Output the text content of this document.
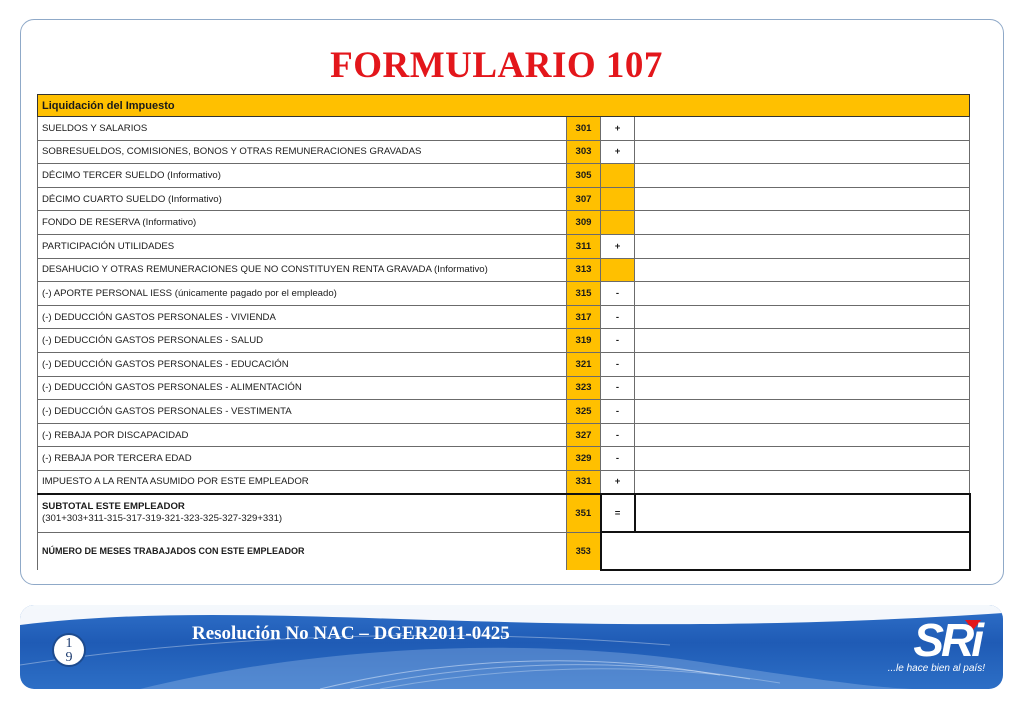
FORMULARIO 107
Liquidación del Impuesto			
SUELDOS Y SALARIOS	301	+	
SOBRESUELDOS, COMISIONES, BONOS Y OTRAS REMUNERACIONES GRAVADAS	303	+	
DÉCIMO TERCER SUELDO (Informativo)	305		
DÉCIMO CUARTO SUELDO (Informativo)	307		
FONDO DE RESERVA (Informativo)	309		
PARTICIPACIÓN UTILIDADES	311	+	
DESAHUCIO Y OTRAS REMUNERACIONES QUE NO CONSTITUYEN RENTA GRAVADA (Informativo)	313		
(-) APORTE PERSONAL IESS (únicamente pagado por el empleado)	315	-	
(-) DEDUCCIÓN GASTOS PERSONALES - VIVIENDA	317	-	
(-) DEDUCCIÓN GASTOS PERSONALES - SALUD	319	-	
(-) DEDUCCIÓN GASTOS PERSONALES - EDUCACIÓN	321	-	
(-) DEDUCCIÓN GASTOS PERSONALES - ALIMENTACIÓN	323	-	
(-) DEDUCCIÓN GASTOS PERSONALES - VESTIMENTA	325	-	
(-) REBAJA POR DISCAPACIDAD	327	-	
(-) REBAJA POR TERCERA EDAD	329	-	
IMPUESTO A LA RENTA ASUMIDO POR ESTE EMPLEADOR	331	+	
SUBTOTAL ESTE EMPLEADOR
(301+303+311-315-317-319-321-323-325-327-329+331)	351	=	
NÚMERO DE MESES TRABAJADOS CON ESTE EMPLEADOR	353		
1
9
Resolución No NAC – DGER2011-0425	SRi
...le hace bien al país!
